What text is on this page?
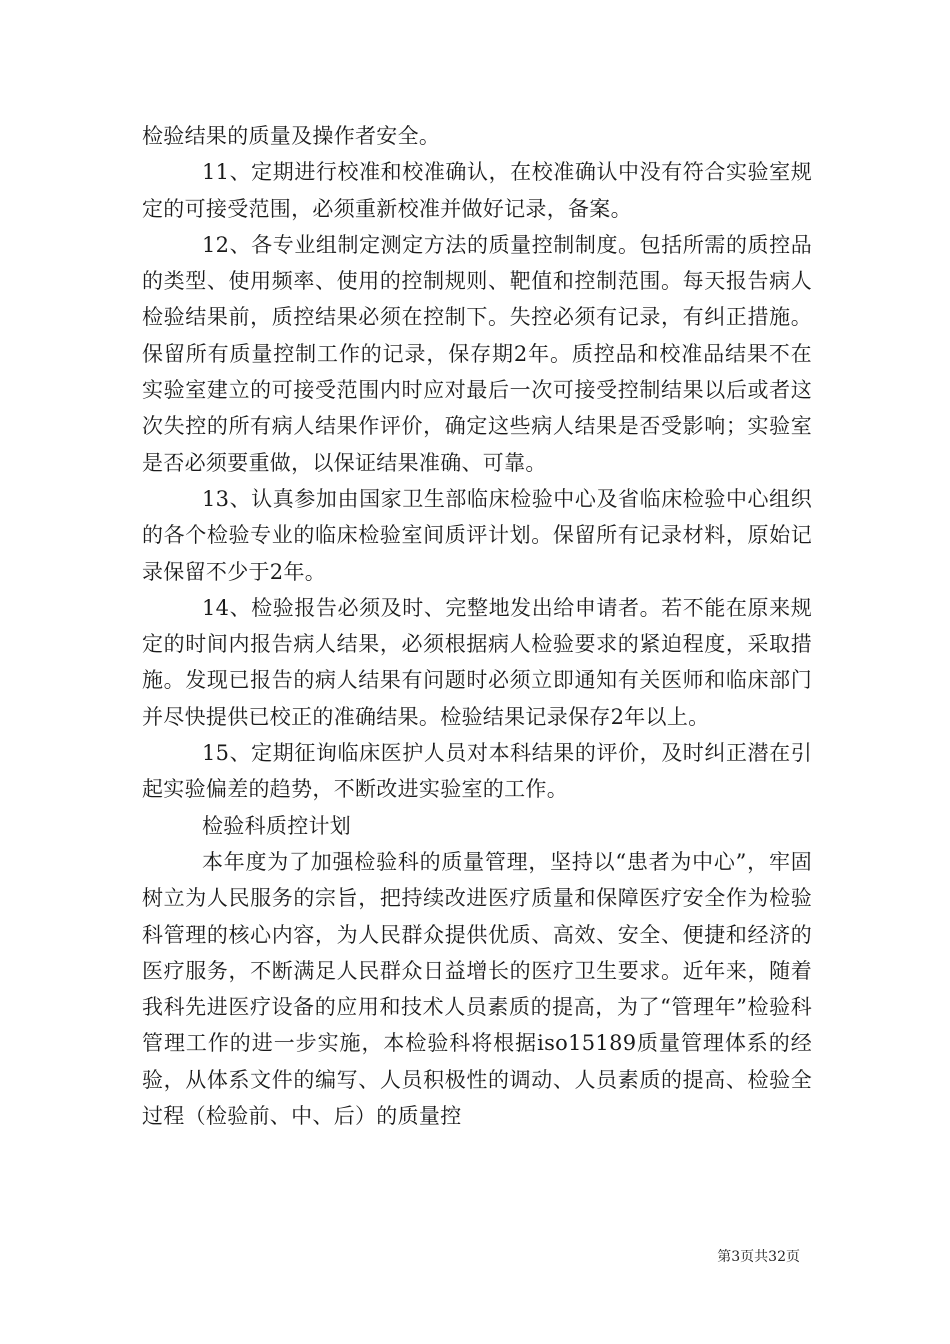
检验结果的质量及操作者安全。

11、定期进行校准和校准确认，在校准确认中没有符合实验室规定的可接受范围，必须重新校准并做好记录，备案。

12、各专业组制定测定方法的质量控制制度。包括所需的质控品的类型、使用频率、使用的控制规则、靶值和控制范围。每天报告病人检验结果前，质控结果必须在控制下。失控必须有记录，有纠正措施。保留所有质量控制工作的记录，保存期2年。质控品和校准品结果不在实验室建立的可接受范围内时应对最后一次可接受控制结果以后或者这次失控的所有病人结果作评价，确定这些病人结果是否受影响；实验室是否必须要重做，以保证结果准确、可靠。

13、认真参加由国家卫生部临床检验中心及省临床检验中心组织的各个检验专业的临床检验室间质评计划。保留所有记录材料，原始记录保留不少于2年。

14、检验报告必须及时、完整地发出给申请者。若不能在原来规定的时间内报告病人结果，必须根据病人检验要求的紧迫程度，采取措施。发现已报告的病人结果有问题时必须立即通知有关医师和临床部门并尽快提供已校正的准确结果。检验结果记录保存2年以上。

15、定期征询临床医护人员对本科结果的评价，及时纠正潜在引起实验偏差的趋势，不断改进实验室的工作。

检验科质控计划

本年度为了加强检验科的质量管理，坚持以“患者为中心”，牢固树立为人民服务的宗旨，把持续改进医疗质量和保障医疗安全作为检验科管理的核心内容，为人民群众提供优质、高效、安全、便捷和经济的医疗服务，不断满足人民群众日益增长的医疗卫生要求。近年来，随着我科先进医疗设备的应用和技术人员素质的提高，为了“管理年”检验科管理工作的进一步实施，本检验科将根据iso15189质量管理体系的经验，从体系文件的编写、人员积极性的调动、人员素质的提高、检验全过程（检验前、中、后）的质量控

第3页共32页
